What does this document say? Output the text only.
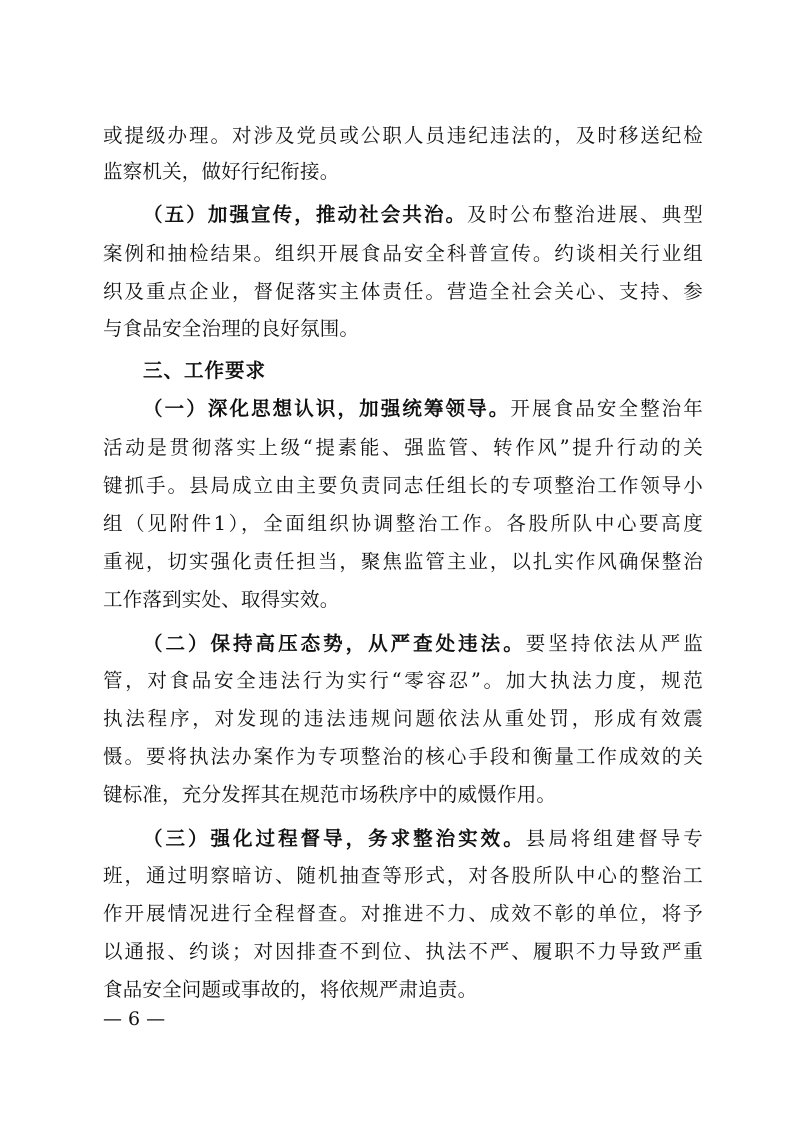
或提级办理。对涉及党员或公职人员违纪违法的，及时移送纪检
监察机关，做好行纪衔接。
（五）加强宣传，推动社会共治。及时公布整治进展、典型
案例和抽检结果。组织开展食品安全科普宣传。约谈相关行业组
织及重点企业，督促落实主体责任。营造全社会关心、支持、参
与食品安全治理的良好氛围。
三、工作要求
（一）深化思想认识，加强统筹领导。开展食品安全整治年
活动是贯彻落实上级“提素能、强监管、转作风”提升行动的关
键抓手。县局成立由主要负责同志任组长的专项整治工作领导小
组（见附件1），全面组织协调整治工作。各股所队中心要高度
重视，切实强化责任担当，聚焦监管主业，以扎实作风确保整治
工作落到实处、取得实效。
（二）保持高压态势，从严查处违法。要坚持依法从严监
管，对食品安全违法行为实行“零容忍”。加大执法力度，规范
执法程序，对发现的违法违规问题依法从重处罚，形成有效震
慑。要将执法办案作为专项整治的核心手段和衡量工作成效的关
键标准，充分发挥其在规范市场秩序中的威慑作用。
（三）强化过程督导，务求整治实效。县局将组建督导专
班，通过明察暗访、随机抽查等形式，对各股所队中心的整治工
作开展情况进行全程督查。对推进不力、成效不彰的单位，将予
以通报、约谈；对因排查不到位、执法不严、履职不力导致严重
食品安全问题或事故的，将依规严肃追责。
— 6 —
